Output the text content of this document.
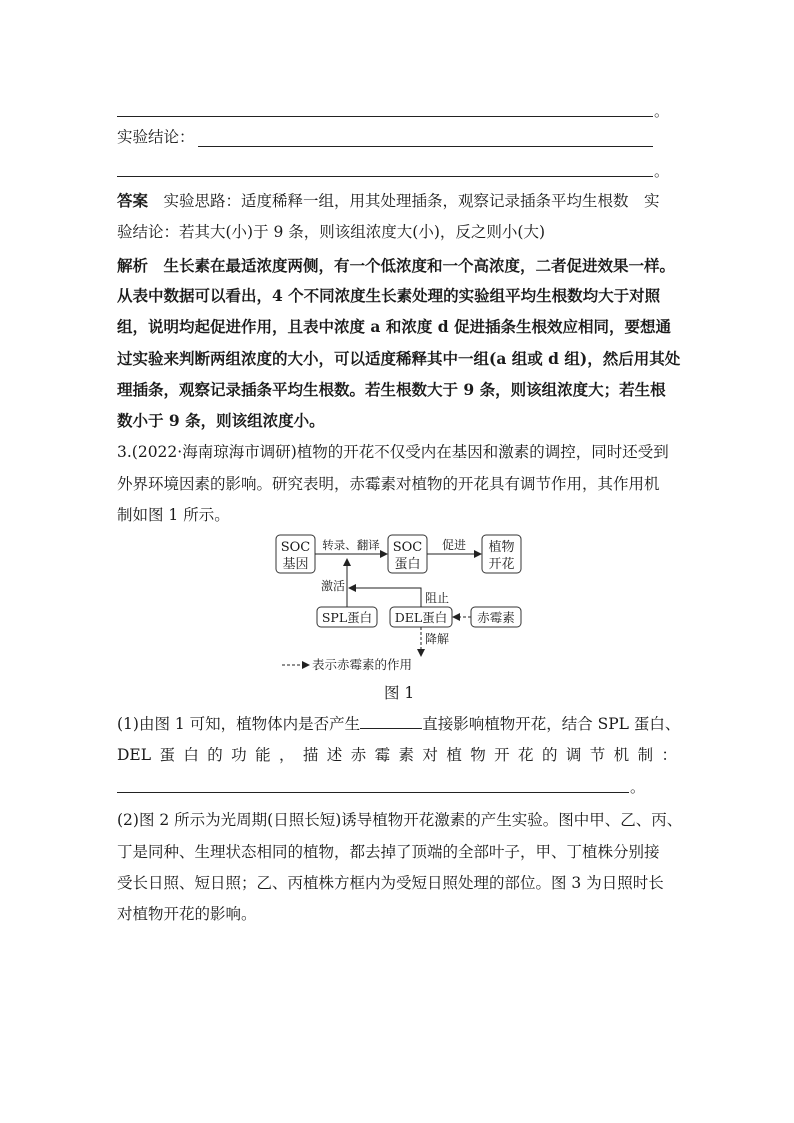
。
实验结论：
。
答案　 实验思路：适度稀释一组，用其处理插条，观察记录插条平均生根数　实
验结论：若其大(小)于 9 条，则该组浓度大(小)，反之则小(大)
解析　 生长素在最适浓度两侧，有一个低浓度和一个高浓度，二者促进效果一样。
从表中数据可以看出，4 个不同浓度生长素处理的实验组平均生根数均大于对照
组，说明均起促进作用，且表中浓度 a 和浓度 d 促进插条生根效应相同，要想通
过实验来判断两组浓度的大小，可以适度稀释其中一组(a 组或 d 组)，然后用其处
理插条，观察记录插条平均生根数。若生根数大于 9 条，则该组浓度大；若生根
数小于 9 条，则该组浓度小。
3.(2022·海南琼海市调研)植物的开花不仅受内在基因和激素的调控，同时还受到
外界环境因素的影响。研究表明，赤霉素对植物的开花具有调节作用，其作用机
制如图 1 所示。
SOC
基因
SOC
蛋白
植物
开花
转录、翻译	促进
SPL蛋白 DEL蛋白 赤霉素
激活
阻止
降解
表示赤霉素的作用
图 1
(1)由图 1 可知，植物体内是否产生	直接影响植物开花，结合 SPL 蛋白、
DEL 蛋 白 的 功 能 ， 描 述 赤 霉 素 对 植 物 开 花 的 调 节 机 制 ：
。
(2)图 2 所示为光周期(日照长短)诱导植物开花激素的产生实验。图中甲、乙、丙、
丁是同种、生理状态相同的植物，都去掉了顶端的全部叶子，甲、丁植株分别接
受长日照、短日照；乙、丙植株方框内为受短日照处理的部位。图 3 为日照时长
对植物开花的影响。
